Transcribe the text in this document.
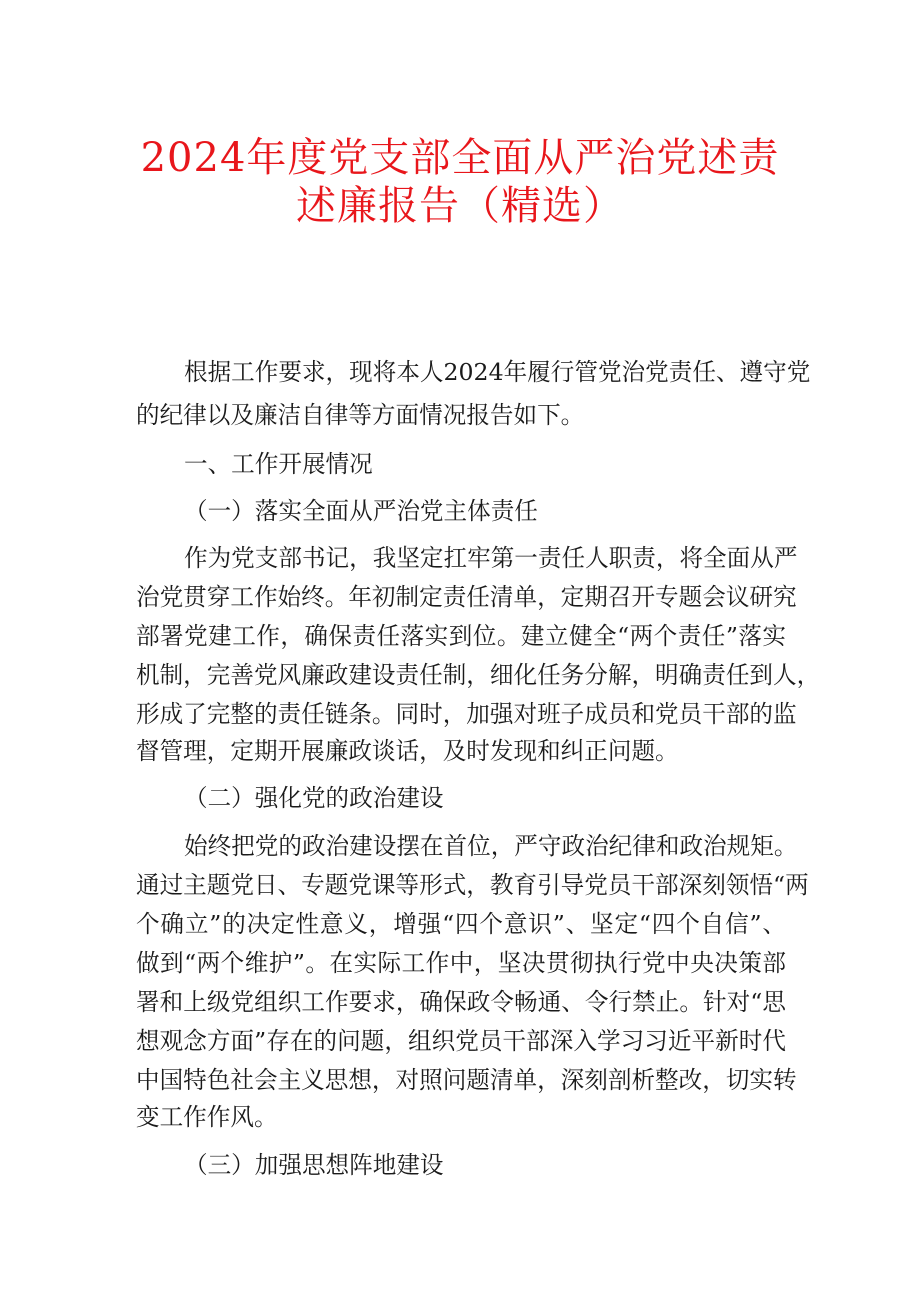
2024年度党支部全面从严治党述责
述廉报告（精选）
根据工作要求，现将本人2024年履行管党治党责任、遵守党
的纪律以及廉洁自律等方面情况报告如下。
一、工作开展情况
（一）落实全面从严治党主体责任
作为党支部书记，我坚定扛牢第一责任人职责，将全面从严
治党贯穿工作始终。年初制定责任清单，定期召开专题会议研究
部署党建工作，确保责任落实到位。建立健全“两个责任”落实
机制，完善党风廉政建设责任制，细化任务分解，明确责任到人，
形成了完整的责任链条。同时，加强对班子成员和党员干部的监
督管理，定期开展廉政谈话，及时发现和纠正问题。
（二）强化党的政治建设
始终把党的政治建设摆在首位，严守政治纪律和政治规矩。
通过主题党日、专题党课等形式，教育引导党员干部深刻领悟“两
个确立”的决定性意义，增强“四个意识”、坚定“四个自信”、
做到“两个维护”。在实际工作中，坚决贯彻执行党中央决策部
署和上级党组织工作要求，确保政令畅通、令行禁止。针对“思
想观念方面”存在的问题，组织党员干部深入学习习近平新时代
中国特色社会主义思想，对照问题清单，深刻剖析整改，切实转
变工作作风。
（三）加强思想阵地建设
